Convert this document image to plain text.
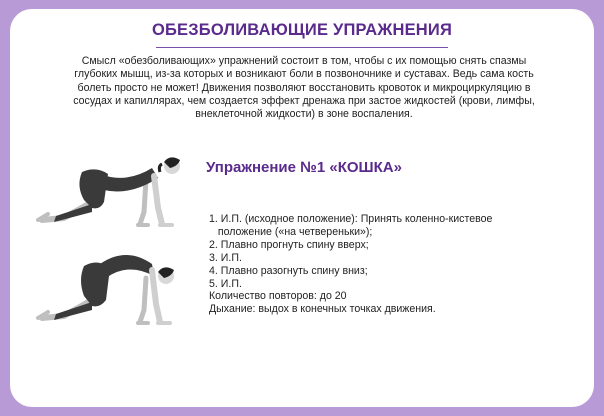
ОБЕЗБОЛИВАЮЩИЕ УПРАЖНЕНИЯ
Смысл «обезболивающих» упражнений состоит в том, чтобы с их помощью снять спазмы глубоких мышц, из-за которых и возникают боли в позвоночнике и суставах. Ведь сама кость болеть просто не может! Движения позволяют восстановить кровоток и микроциркуляцию в сосудах и капиллярах, чем создается эффект дренажа при застое жидкостей (крови, лимфы, внеклеточной жидкости) в зоне воспаления.
Упражнение №1 «КОШКА»
1. И.П. (исходное положение): Принять коленно-кистевое
положение («на четвереньки»);
2. Плавно прогнуть спину вверх;
3. И.П.
4. Плавно разогнуть спину вниз;
5. И.П.
Количество повторов: до 20
Дыхание: выдох в конечных точках движения.
